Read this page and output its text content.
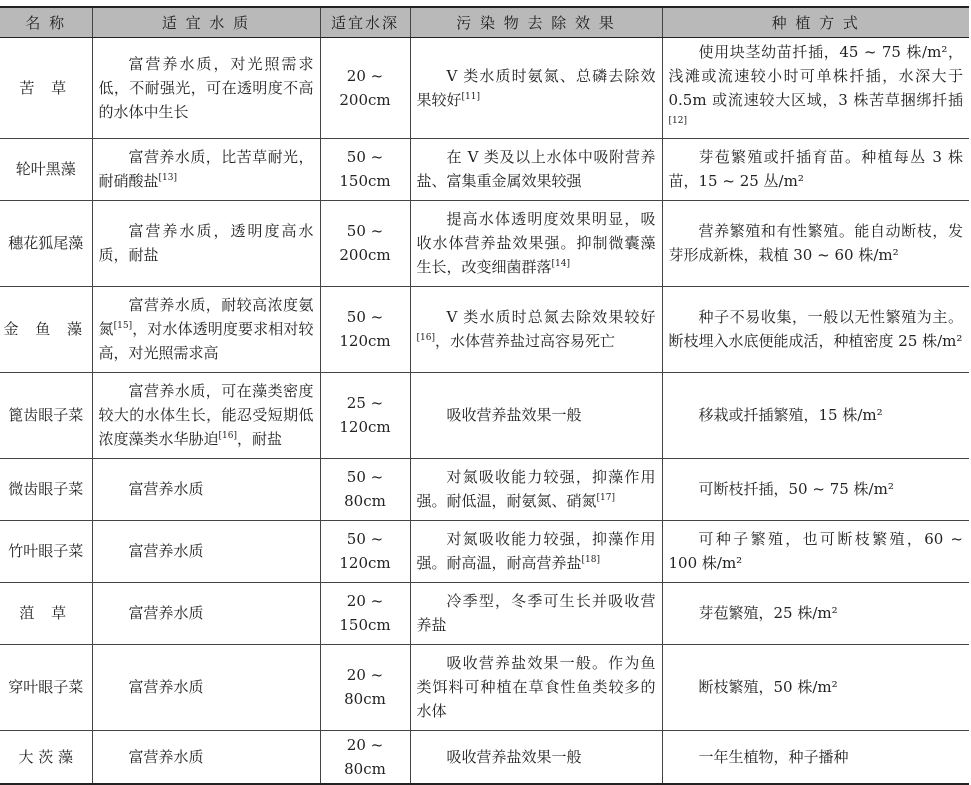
名 称	适 宜 水 质	适宜水深	污 染 物 去 除 效 果	种 植 方 式
苦 草	富营养水质，对光照需求低，不耐强光，可在透明度不高的水体中生长	20 ~ 200cm	V 类水质时氨氮、总磷去除效果较好[11]	使用块茎幼苗扦插，45 ~ 75 株/m²，浅滩或流速较小时可单株扦插，水深大于 0.5m 或流速较大区域，3 株苦草捆绑扦插[12]
轮叶黑藻	富营养水质，比苦草耐光，耐硝酸盐[13]	50 ~ 150cm	在 V 类及以上水体中吸附营养盐、富集重金属效果较强	芽苞繁殖或扦插育苗。种植每丛 3 株苗，15 ~ 25 丛/m²
穗花狐尾藻	富营养水质，透明度高水质，耐盐	50 ~ 200cm	提高水体透明度效果明显，吸收水体营养盐效果强。抑制微囊藻生长，改变细菌群落[14]	营养繁殖和有性繁殖。能自动断枝，发芽形成新株，栽植 30 ~ 60 株/m²
金 鱼 藻	富营养水质，耐较高浓度氨氮[15]，对水体透明度要求相对较高，对光照需求高	50 ~ 120cm	V 类水质时总氮去除效果较好[16]，水体营养盐过高容易死亡	种子不易收集，一般以无性繁殖为主。断枝埋入水底便能成活，种植密度 25 株/m²
篦齿眼子菜	富营养水质，可在藻类密度较大的水体生长，能忍受短期低浓度藻类水华胁迫[16]，耐盐	25 ~ 120cm	吸收营养盐效果一般	移栽或扦插繁殖，15 株/m²
微齿眼子菜	富营养水质	50 ~ 80cm	对氮吸收能力较强，抑藻作用强。耐低温，耐氨氮、硝氮[17]	可断枝扦插，50 ~ 75 株/m²
竹叶眼子菜	富营养水质	50 ~ 120cm	对氮吸收能力较强，抑藻作用强。耐高温，耐高营养盐[18]	可种子繁殖，也可断枝繁殖，60 ~ 100 株/m²
菹 草	富营养水质	20 ~ 150cm	冷季型，冬季可生长并吸收营养盐	芽苞繁殖，25 株/m²
穿叶眼子菜	富营养水质	20 ~ 80cm	吸收营养盐效果一般。作为鱼类饵料可种植在草食性鱼类较多的水体	断枝繁殖，50 株/m²
大 茨 藻	富营养水质	20 ~ 80cm	吸收营养盐效果一般	一年生植物，种子播种
